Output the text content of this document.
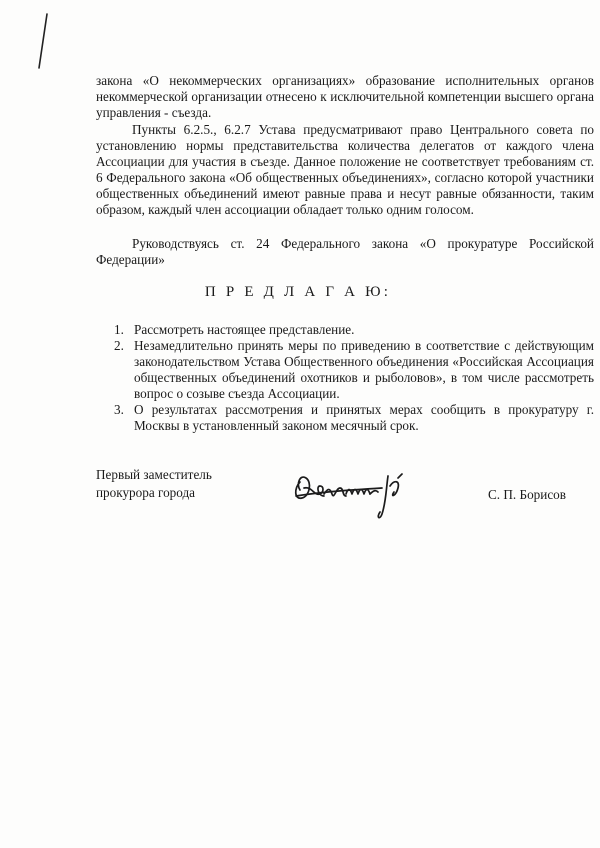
закона «О некоммерческих организациях» образование исполнительных органов некоммерческой организации отнесено к исключительной компетенции высшего органа управления - съезда.

Пункты 6.2.5., 6.2.7 Устава предусматривают право Центрального совета по установлению нормы представительства количества делегатов от каждого члена Ассоциации для участия в съезде. Данное положение не соответствует требованиям ст. 6 Федерального закона «Об общественных объединениях», согласно которой участники общественных объединений имеют равные права и несут равные обязанности, таким образом, каждый член ассоциации обладает только одним голосом.

Руководствуясь ст. 24 Федерального закона «О прокуратуре Российской Федерации»

П Р Е Д Л А Г А Ю:
1. Рассмотреть настоящее представление.
2. Незамедлительно принять меры по приведению в соответствие с действующим законодательством Устава Общественного объединения «Российская Ассоциация общественных объединений охотников и рыболовов», в том числе рассмотреть вопрос о созыве съезда Ассоциации.
3. О результатах рассмотрения и принятых мерах сообщить в прокуратуру г. Москвы в установленный законом месячный срок.
Первый заместитель
прокурора города	С. П. Борисов
